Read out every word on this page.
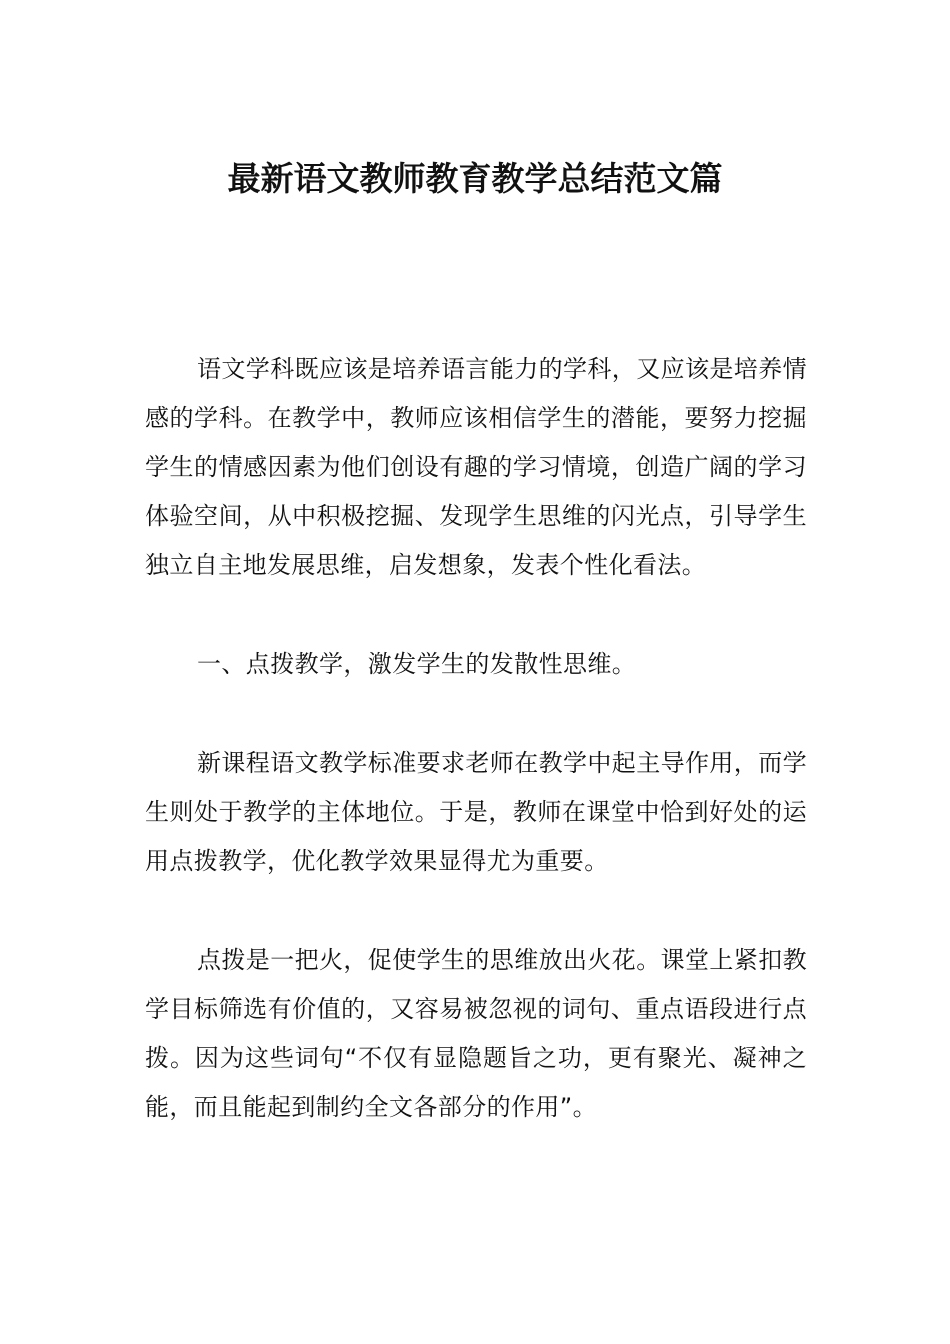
最新语文教师教育教学总结范文篇

语文学科既应该是培养语言能力的学科，又应该是培养情感的学科。在教学中，教师应该相信学生的潜能，要努力挖掘学生的情感因素为他们创设有趣的学习情境，创造广阔的学习体验空间，从中积极挖掘、发现学生思维的闪光点，引导学生独立自主地发展思维，启发想象，发表个性化看法。

一、点拨教学，激发学生的发散性思维。

新课程语文教学标准要求老师在教学中起主导作用，而学生则处于教学的主体地位。于是，教师在课堂中恰到好处的运用点拨教学，优化教学效果显得尤为重要。

点拨是一把火，促使学生的思维放出火花。课堂上紧扣教学目标筛选有价值的，又容易被忽视的词句、重点语段进行点拨。因为这些词句“不仅有显隐题旨之功，更有聚光、凝神之能，而且能起到制约全文各部分的作用”。
